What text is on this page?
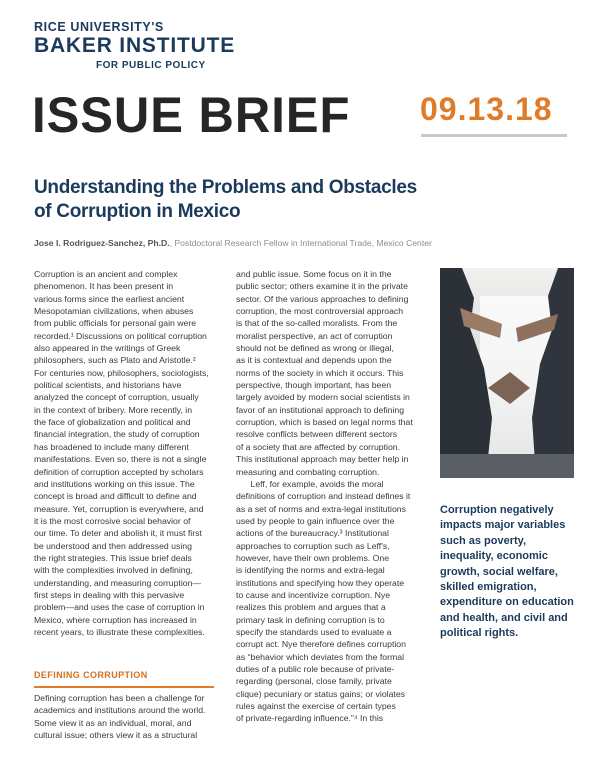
RICE UNIVERSITY'S
BAKER INSTITUTE
FOR PUBLIC POLICY
ISSUE BRIEF 09.13.18
Understanding the Problems and Obstacles
of Corruption in Mexico
Jose I. Rodriguez-Sanchez, Ph.D., Postdoctoral Research Fellow in International Trade, Mexico Center

Corruption is an ancient and complex

phenomenon. It has been present in

various forms since the earliest ancient

Mesopotamian civilizations, when abuses

from public officials for personal gain were

recorded.¹ Discussions on political corruption

also appeared in the writings of Greek

philosophers, such as Plato and Aristotle.²

For centuries now, philosophers, sociologists,

political scientists, and historians have

analyzed the concept of corruption, usually

in the context of bribery. More recently, in

the face of globalization and political and

financial integration, the study of corruption

has broadened to include many different

manifestations. Even so, there is not a single

definition of corruption accepted by scholars

and institutions working on this issue. The

concept is broad and difficult to define and

measure. Yet, corruption is everywhere, and

it is the most corrosive social behavior of

our time. To deter and abolish it, it must first

be understood and then addressed using

the right strategies. This issue brief deals

with the complexities involved in defining,

understanding, and measuring corruption—

first steps in dealing with this pervasive

problem—and uses the case of corruption in

Mexico, where corruption has increased in

recent years, to illustrate these complexities.

DEFINING CORRUPTION

Defining corruption has been a challenge for

academics and institutions around the world.

Some view it as an individual, moral, and

cultural issue; others view it as a structural

and public issue. Some focus on it in the

public sector; others examine it in the private

sector. Of the various approaches to defining

corruption, the most controversial approach

is that of the so-called moralists. From the

moralist perspective, an act of corruption

should not be defined as wrong or illegal,

as it is contextual and depends upon the

norms of the society in which it occurs. This

perspective, though important, has been

largely avoided by modern social scientists in

favor of an institutional approach to defining

corruption, which is based on legal norms that

resolve conflicts between different sectors

of a society that are affected by corruption.

This institutional approach may better help in

measuring and combating corruption.

Leff, for example, avoids the moral

definitions of corruption and instead defines it

as a set of norms and extra-legal institutions

used by people to gain influence over the

actions of the bureaucracy.³ Institutional

approaches to corruption such as Leff's,

however, have their own problems. One

is identifying the norms and extra-legal

institutions and specifying how they operate

to cause and incentivize corruption. Nye

realizes this problem and argues that a

primary task in defining corruption is to

specify the standards used to evaluate a

corrupt act. Nye therefore defines corruption

as “behavior which deviates from the formal

duties of a public role because of private-

regarding (personal, close family, private

clique) pecuniary or status gains; or violates

rules against the exercise of certain types

of private-regarding influence.”⁴ In this

Corruption negatively impacts major variables such as poverty, inequality, economic growth, social welfare, skilled emigration, expenditure on education and health, and civil and political rights.
